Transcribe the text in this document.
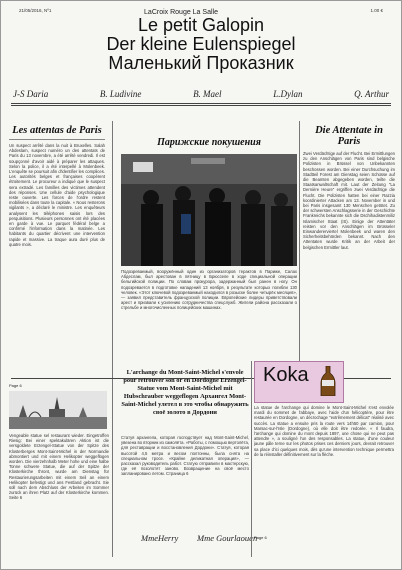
21/05/2016, Nº1	1.00 €
LaCroix Rouge La Salle
Le petit Galopin
Der kleine Eulenspiegel
Маленький Проказник
J-S Daria	B. Ludivine	B. Mael	L.Dylan	Q. Arthur
Les attentas de Paris
Un suspect arrêté dans la nuit à Bruxelles. Salah Abdeslam, suspect numéro un des attentats de Paris du 13 novembre, a été arrêté vendredi. Il est soupçonné d'avoir aidé à préparer les attaques. Selon la police, il a été interpellé à Molenbeek. L'enquête se poursuit afin d'identifier les complices. Les autorités belges et françaises coopèrent étroitement. Le procureur a indiqué que le suspect sera extradé. Les familles des victimes attendent des réponses. Une cellule d'aide psychologique reste ouverte. Les forces de l'ordre restent mobilisées dans toute la capitale. « Nous resterons vigilants », a déclaré le ministre. Les enquêteurs analysent les téléphones saisis lors des perquisitions. Plusieurs personnes ont été placées en garde à vue. Le parquet fédéral belge a confirmé l'information dans la matinée. Les habitants du quartier décrivent une intervention rapide et massive. La traque aura duré plus de quatre mois.
Парижские покушения
Подозреваемый, вооружённый один из организаторов терактов в Париже, Салах Абдеслам, был арестован в пятницу в Брюсселе в ходе специальной операции бельгийской полиции. По словам прокурора, задержанный был ранен в ногу. Он подозревается в подготовке нападений 13 ноября, в результате которых погибли 130 человек. «Этот ключевой подозреваемый находился в розыске более четырёх месяцев», — заявил представитель французской полиции. Европейские лидеры приветствовали арест и призвали к усилению сотрудничества спецслужб. Жители района рассказали о стрельбе и многочисленных полицейских машинах.
Die Attentate in Paris
Zwei Verdächtige auf der Flucht. Bei Ermittlungen zu den Anschlägen von Paris sind belgische Polizisten in Brüssel von Unbekannten beschossen worden. Bei einer Durchsuchung im Stadtteil Forest am Dienstag seien Schüsse auf die Beamten abgegeben worden, teilte die Staatsanwaltschaft mit. Laut der Zeitung "La Dernière Heure" ergriffen zwei Verdächtige die Flucht. Die Polizisten hatten bei einer Razzia koordinierter Attacken am 13. November in und bei Paris insgesamt 130 Menschen getötet. Zu der schwersten Anschlagsserie in der Geschichte Frankreichs bekannte sich die Dschihadistenmiliz Islamischer Staat (IS). Einige der Attentäter reisten vor den Anschlägen im Brüsseler Einwandererviertel Molenbeek und waren den Sicherheitsbehörden bekannt. Nach den Attentaten wurde Kritik an der Arbeit der belgischen Ermittler laut.
Page 6
Vengeable statue sel restaurant wieder. Eingetroffen Riesig: Bei einer spektakulären Aktion ist die versgoldete Erzengel-Statue von der Spitze des Klosterberges Mont-Saint-Michel in der Normandie abmontiert und mit einem Helikopter weggeflogen worden. Die vierzehnhalb Meter hohe und eine halbe Tonne schwere Statue, die auf der Spitze der Klosterkirche thront, wurde am Dienstag für Restaurierungsarbeiten mit einem Seil an einem Helikopter befestigt und ans Festland gebracht. Sie soll nach dem Abschluss der Arbeiten im Sommer zurück an ihren Platz auf der Klosterkirche kommen. Seite 6
L'archange du Mont-Saint-Michel s'envole pour retrouver son or en Dordogne Erzengel-Statue vom Mont-Saint-Michel mit Hubschrauber weggeflogen Архангел Mont-Saint-Michel улетел в это чтобы обнаружить своё золото в Дордони
Статуя архангела, которая господствует над Mont-Saint-Michel, увезена во вторник из самолёта. «Работы, с помощью вертолёта, для реставрации и восстановления Дордони». Статуя, которая высотой 4,5 метра и весом полтонны, была снята на специальном тросе. «Крайне деликатная операция», — рассказал руководитель работ. Статую отправили в мастерскую, где её позолотят заново. Возвращение на своё место запланировано летом. Страница 6
MmeHerry Mme Gourlaouen
Koka
La statue de l'archange qui domine le Mont-Saint-Michel s'est envolée mardi du sommet de l'abbaye, avec l'aide d'un hélicoptère, pour être restaurée en Dordogne, un décrochage "extrêmement délicat" réalisé avec succès. La statue a ensuite pris la route vers 14h50 par camion, pour Marsac-sur-l'Isle (Dordogne), où elle doit être redorée. « Il faudra, l'archange qui domine du mont depuis 1897, une chose qui ne peut pas attendre », a souligné l'un des responsables. La statue, d'une couleur jaune pâle terne sur les photos prises ces derniers jours, devrait retrouver sa place d'ici quelques mois, dès qu'une intervention technique permettra de la réinstaller définitivement sur la flèche.
Page 6
